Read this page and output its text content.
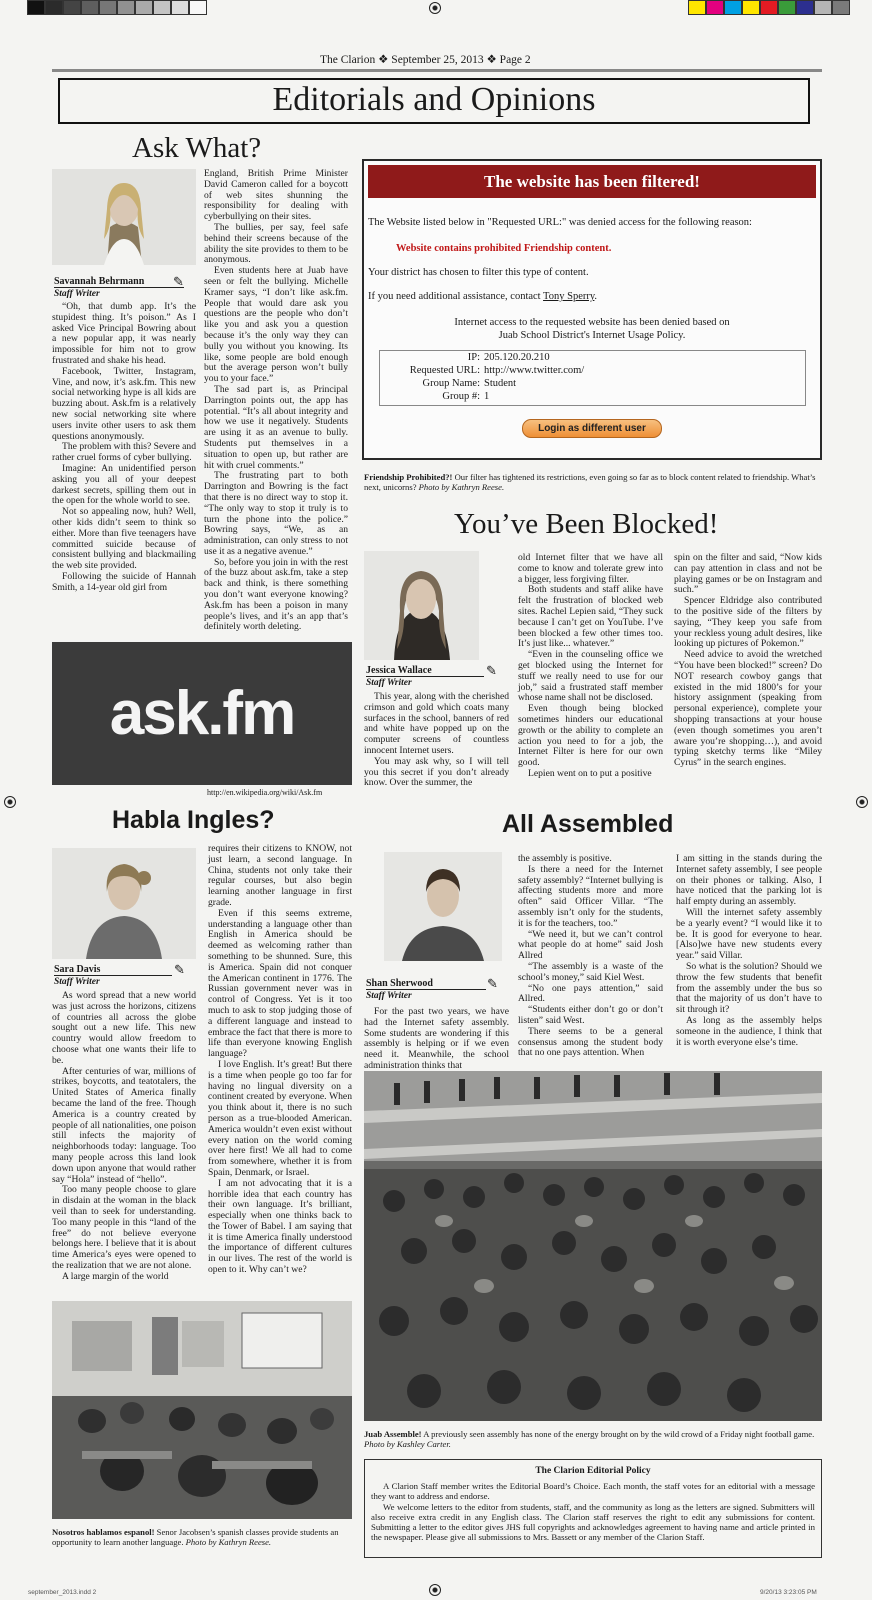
The Clarion ❖ September 25, 2013 ❖ Page 2
Editorials and Opinions
Ask What?
Savannah Behrmann	✎
Staff Writer

“Oh, that dumb app. It’s the stupidest thing. It’s poison.” As I asked Vice Principal Bowring about a new popular app, it was nearly impossible for him not to grow frustrated and shake his head.

Facebook, Twitter, Instagram, Vine, and now, it’s ask.fm. This new social networking hype is all kids are buzzing about. Ask.fm is a relatively new social networking site where users invite other users to ask them questions anonymously.

The problem with this? Severe and rather cruel forms of cyber bullying.

Imagine: An unidentified person asking you all of your deepest darkest secrets, spilling them out in the open for the whole world to see.

Not so appealing now, huh? Well, other kids didn’t seem to think so either. More than five teenagers have committed suicide because of consistent bullying and blackmailing the web site provided.

Following the suicide of Hannah Smith, a 14-year old girl from

England, British Prime Minister David Cameron called for a boycott of web sites shunning the responsibility for dealing with cyberbullying on their sites.

The bullies, per say, feel safe behind their screens because of the ability the site provides to them to be anonymous.

Even students here at Juab have seen or felt the bullying. Michelle Kramer says, “I don’t like ask.fm. People that would dare ask you questions are the people who don’t like you and ask you a question because it’s the only way they can bully you without you knowing. Its like, some people are bold enough but the average person won’t bully you to your face.”

The sad part is, as Principal Darrington points out, the app has potential. “It’s all about integrity and how we use it negatively. Students are using it as an avenue to bully. Students put themselves in a situation to open up, but rather are hit with cruel comments.”

The frustrating part to both Darrington and Bowring is the fact that there is no direct way to stop it. “The only way to stop it truly is to turn the phone into the police.” Bowring says, “We, as an administration, can only stress to not use it as a negative avenue.”

So, before you join in with the rest of the buzz about ask.fm, take a step back and think, is there something you don’t want everyone knowing? Ask.fm has been a poison in many people’s lives, and it’s an app that’s definitely worth deleting.

ask.fm
http://en.wikipedia.org/wiki/Ask.fm
The website has been filtered!
The Website listed below in "Requested URL:" was denied access for the following reason:
Website contains prohibited Friendship content.
Your district has chosen to filter this type of content.
If you need additional assistance, contact Tony Sperry.
Internet access to the requested website has been denied based on
Juab School District's Internet Usage Policy.
IP: 205.120.20.210
Requested URL: http://www.twitter.com/
Group Name: Student
Group #: 1
Login as different user
Friendship Prohibited?! Our filter has tightened its restrictions, even going so far as to block content related to friendship. What’s next, unicorns? Photo by Kathryn Reese.
You’ve Been Blocked!
Jessica Wallace	✎
Staff Writer

This year, along with the cherished crimson and gold which coats many surfaces in the school, banners of red and white have popped up on the computer screens of countless innocent Internet users.

You may ask why, so I will tell you this secret if you don’t already know. Over the summer, the

old Internet filter that we have all come to know and tolerate grew into a bigger, less forgiving filter.

Both students and staff alike have felt the frustration of blocked web sites. Rachel Lepien said, “They suck because I can’t get on YouTube. I’ve been blocked a few other times too. It’s just like... whatever.”

“Even in the counseling office we get blocked using the Internet for stuff we really need to use for our job,” said a frustrated staff member whose name shall not be disclosed.

Even though being blocked sometimes hinders our educational growth or the ability to complete an action you need to for a job, the Internet Filter is here for our own good.

Lepien went on to put a positive

spin on the filter and said, “Now kids can pay attention in class and not be playing games or be on Instagram and such.”

Spencer Eldridge also contributed to the positive side of the filters by saying, “They keep you safe from your reckless young adult desires, like looking up pictures of Pokemon.”

Need advice to avoid the wretched “You have been blocked!” screen? Do NOT research cowboy gangs that existed in the mid 1800’s for your history assignment (speaking from personal experience), complete your shopping transactions at your house (even though sometimes you aren’t aware you’re shopping…), and avoid typing sketchy terms like “Miley Cyrus” in the search engines.

Habla Ingles?
Sara Davis	✎
Staff Writer

As word spread that a new world was just across the horizons, citizens of countries all across the globe sought out a new life. This new country would allow freedom to choose what one wants their life to be.

After centuries of war, millions of strikes, boycotts, and teatotalers, the United States of America finally became the land of the free. Though America is a country created by people of all nationalities, one poison still infects the majority of neighborhoods today: language. Too many people across this land look down upon anyone that would rather say “Hola” instead of “hello”.

Too many people choose to glare in disdain at the woman in the black veil than to seek for understanding. Too many people in this “land of the free” do not believe everyone belongs here. I believe that it is about time America’s eyes were opened to the realization that we are not alone.

A large margin of the world

requires their citizens to KNOW, not just learn, a second language. In China, students not only take their regular courses, but also begin learning another language in first grade.

Even if this seems extreme, understanding a language other than English in America should be deemed as welcoming rather than something to be shunned. Sure, this is America. Spain did not conquer the American continent in 1776. The Russian government never was in control of Congress. Yet is it too much to ask to stop judging those of a different language and instead to embrace the fact that there is more to life than everyone knowing English language?

I love English. It’s great! But there is a time when people go too far for having no lingual diversity on a continent created by everyone. When you think about it, there is no such person as a true-blooded American. America wouldn’t even exist without every nation on the world coming over here first! We all had to come from somewhere, whether it is from Spain, Denmark, or Israel.

I am not advocating that it is a horrible idea that each country has their own language. It’s brilliant, especially when one thinks back to the Tower of Babel. I am saying that it is time America finally understood the importance of different cultures in our lives. The rest of the world is open to it. Why can’t we?

Nosotros hablamos espanol! Senor Jacobsen’s spanish classes provide students an opportunity to learn another language. Photo by Kathryn Reese.
All Assembled
Shan Sherwood	✎
Staff Writer

For the past two years, we have had the Internet safety assembly. Some students are wondering if this assembly is helping or if we even need it. Meanwhile, the school administration thinks that

the assembly is positive.

Is there a need for the Internet safety assembly? “Internet bullying is affecting students more and more often” said Officer Villar. “The assembly isn’t only for the students, it is for the teachers, too.”

“We need it, but we can’t control what people do at home” said Josh Allred

“The assembly is a waste of the school’s money,” said Kiel West.

“No one pays attention,” said Allred.

“Students either don’t go or don’t listen” said West.

There seems to be a general consensus among the student body that no one pays attention. When

I am sitting in the stands during the Internet safety assembly, I see people on their phones or talking. Also, I have noticed that the parking lot is half empty during an assembly.

Will the internet safety assembly be a yearly event? “I would like it to be. It is good for everyone to hear. [Also]we have new students every year.” said Villar.

So what is the solution? Should we throw the few students that benefit from the assembly under the bus so that the majority of us don’t have to sit through it?

As long as the assembly helps someone in the audience, I think that it is worth everyone else’s time.

Juab Assemble! A previously seen assembly has none of the energy brought on by the wild crowd of a Friday night football game. Photo by Kashley Carter.
The Clarion Editorial Policy

A Clarion Staff member writes the Editorial Board’s Choice. Each month, the staff votes for an editorial with a message they want to address and endorse.

We welcome letters to the editor from students, staff, and the community as long as the letters are signed. Submitters will also receive extra credit in any English class. The Clarion staff reserves the right to edit any submissions for content. Submitting a letter to the editor gives JHS full copyrights and acknowledges agreement to having name and article printed in the newspaper. Please give all submissions to Mrs. Bassett or any member of the Clarion Staff.

september_2013.indd 2	9/20/13 3:23:05 PM
